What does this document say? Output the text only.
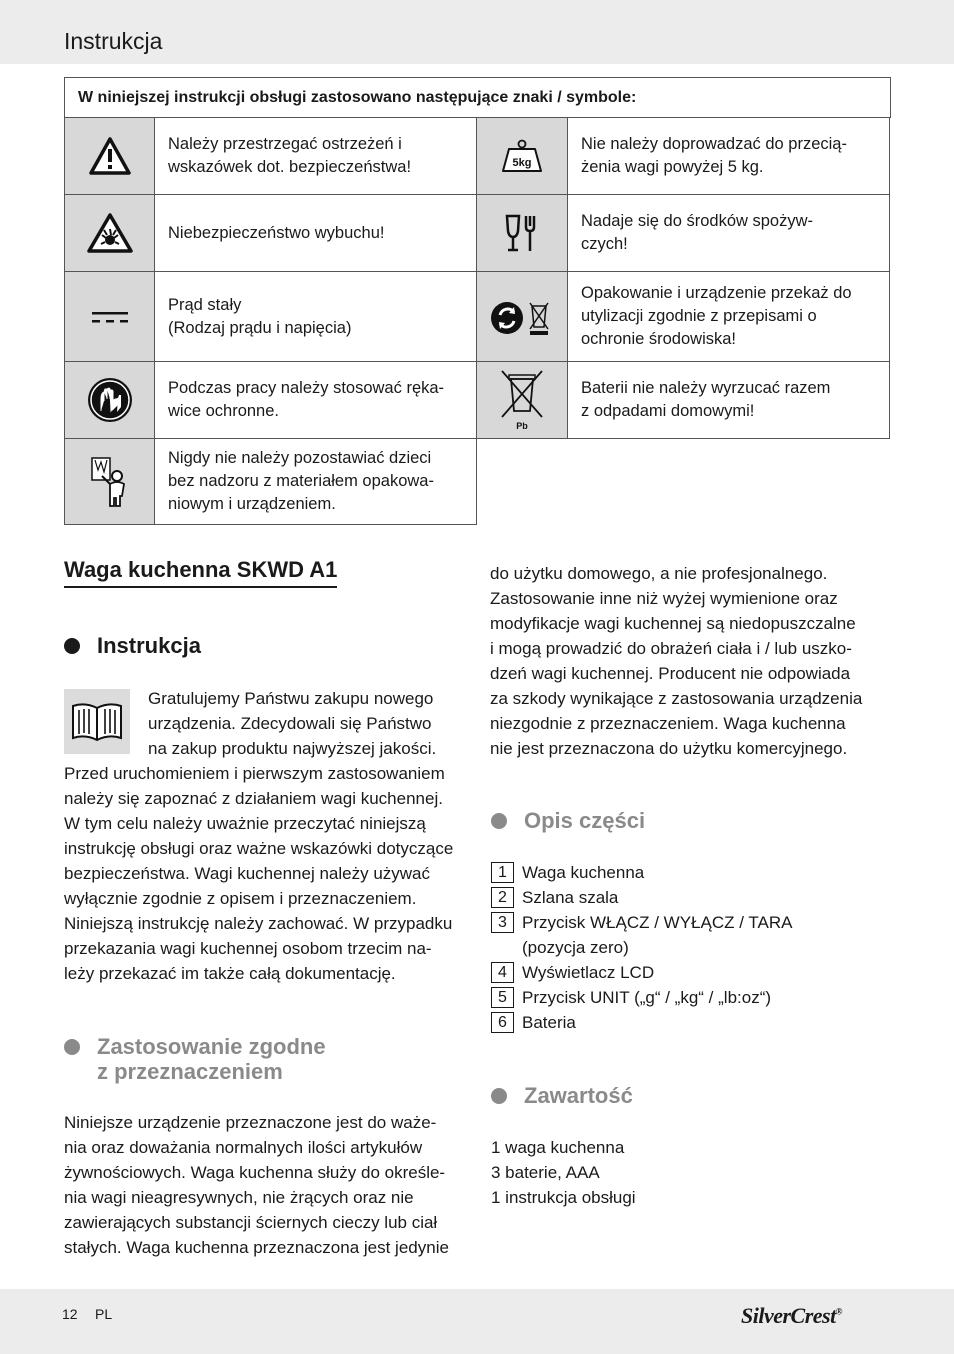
Instrukcja
W niniejszej instrukcji obsługi zastosowano następujące znaki / symbole:
Należy przestrzegać ostrzeżeń i
wskazówek dot. bezpieczeństwa!
Niebezpieczeństwo wybuchu!
Prąd stały
(Rodzaj prądu i napięcia)
Podczas pracy należy stosować ręka-
wice ochronne.
Nigdy nie należy pozostawiać dzieci
bez nadzoru z materiałem opakowa-
niowym i urządzeniem.
5kg
Nie należy doprowadzać do przecią-
żenia wagi powyżej 5 kg.
Nadaje się do środków spożyw-
czych!
Opakowanie i urządzenie przekaż do
utylizacji zgodnie z przepisami o
ochronie środowiska!
Pb
Baterii nie należy wyrzucać razem
z odpadami domowymi!
Waga kuchenna SKWD A1
Instrukcja

Gratulujemy Państwu zakupu nowego

urządzenia. Zdecydowali się Państwo

na zakup produktu najwyższej jakości.

Przed uruchomieniem i pierwszym zastosowaniem

należy się zapoznać z działaniem wagi kuchennej.

W tym celu należy uważnie przeczytać niniejszą

instrukcję obsługi oraz ważne wskazówki dotyczące

bezpieczeństwa. Wagi kuchennej należy używać

wyłącznie zgodnie z opisem i przeznaczeniem.

Niniejszą instrukcję należy zachować. W przypadku

przekazania wagi kuchennej osobom trzecim na-

leży przekazać im także całą dokumentację.

Zastosowanie zgodne
z przeznaczeniem

Niniejsze urządzenie przeznaczone jest do waże-

nia oraz doważania normalnych ilości artykułów

żywnościowych. Waga kuchenna służy do określe-

nia wagi nieagresywnych, nie żrących oraz nie

zawierających substancji ściernych cieczy lub ciał

stałych. Waga kuchenna przeznaczona jest jedynie

do użytku domowego, a nie profesjonalnego.

Zastosowanie inne niż wyżej wymienione oraz

modyfikacje wagi kuchennej są niedopuszczalne

i mogą prowadzić do obrażeń ciała i / lub uszko-

dzeń wagi kuchennej. Producent nie odpowiada

za szkody wynikające z zastosowania urządzenia

niezgodnie z przeznaczeniem. Waga kuchenna

nie jest przeznaczona do użytku komercyjnego.

Opis części
1 Waga kuchenna
2 Szlana szala
3 Przycisk WŁĄCZ / WYŁĄCZ / TARA
(pozycja zero)
4 Wyświetlacz LCD
5 Przycisk UNIT („g“ / „kg“ / „lb:oz“)
6 Bateria
Zawartość

1 waga kuchenna

3 baterie, AAA

1 instrukcja obsługi

12 PL	SilverCrest®
